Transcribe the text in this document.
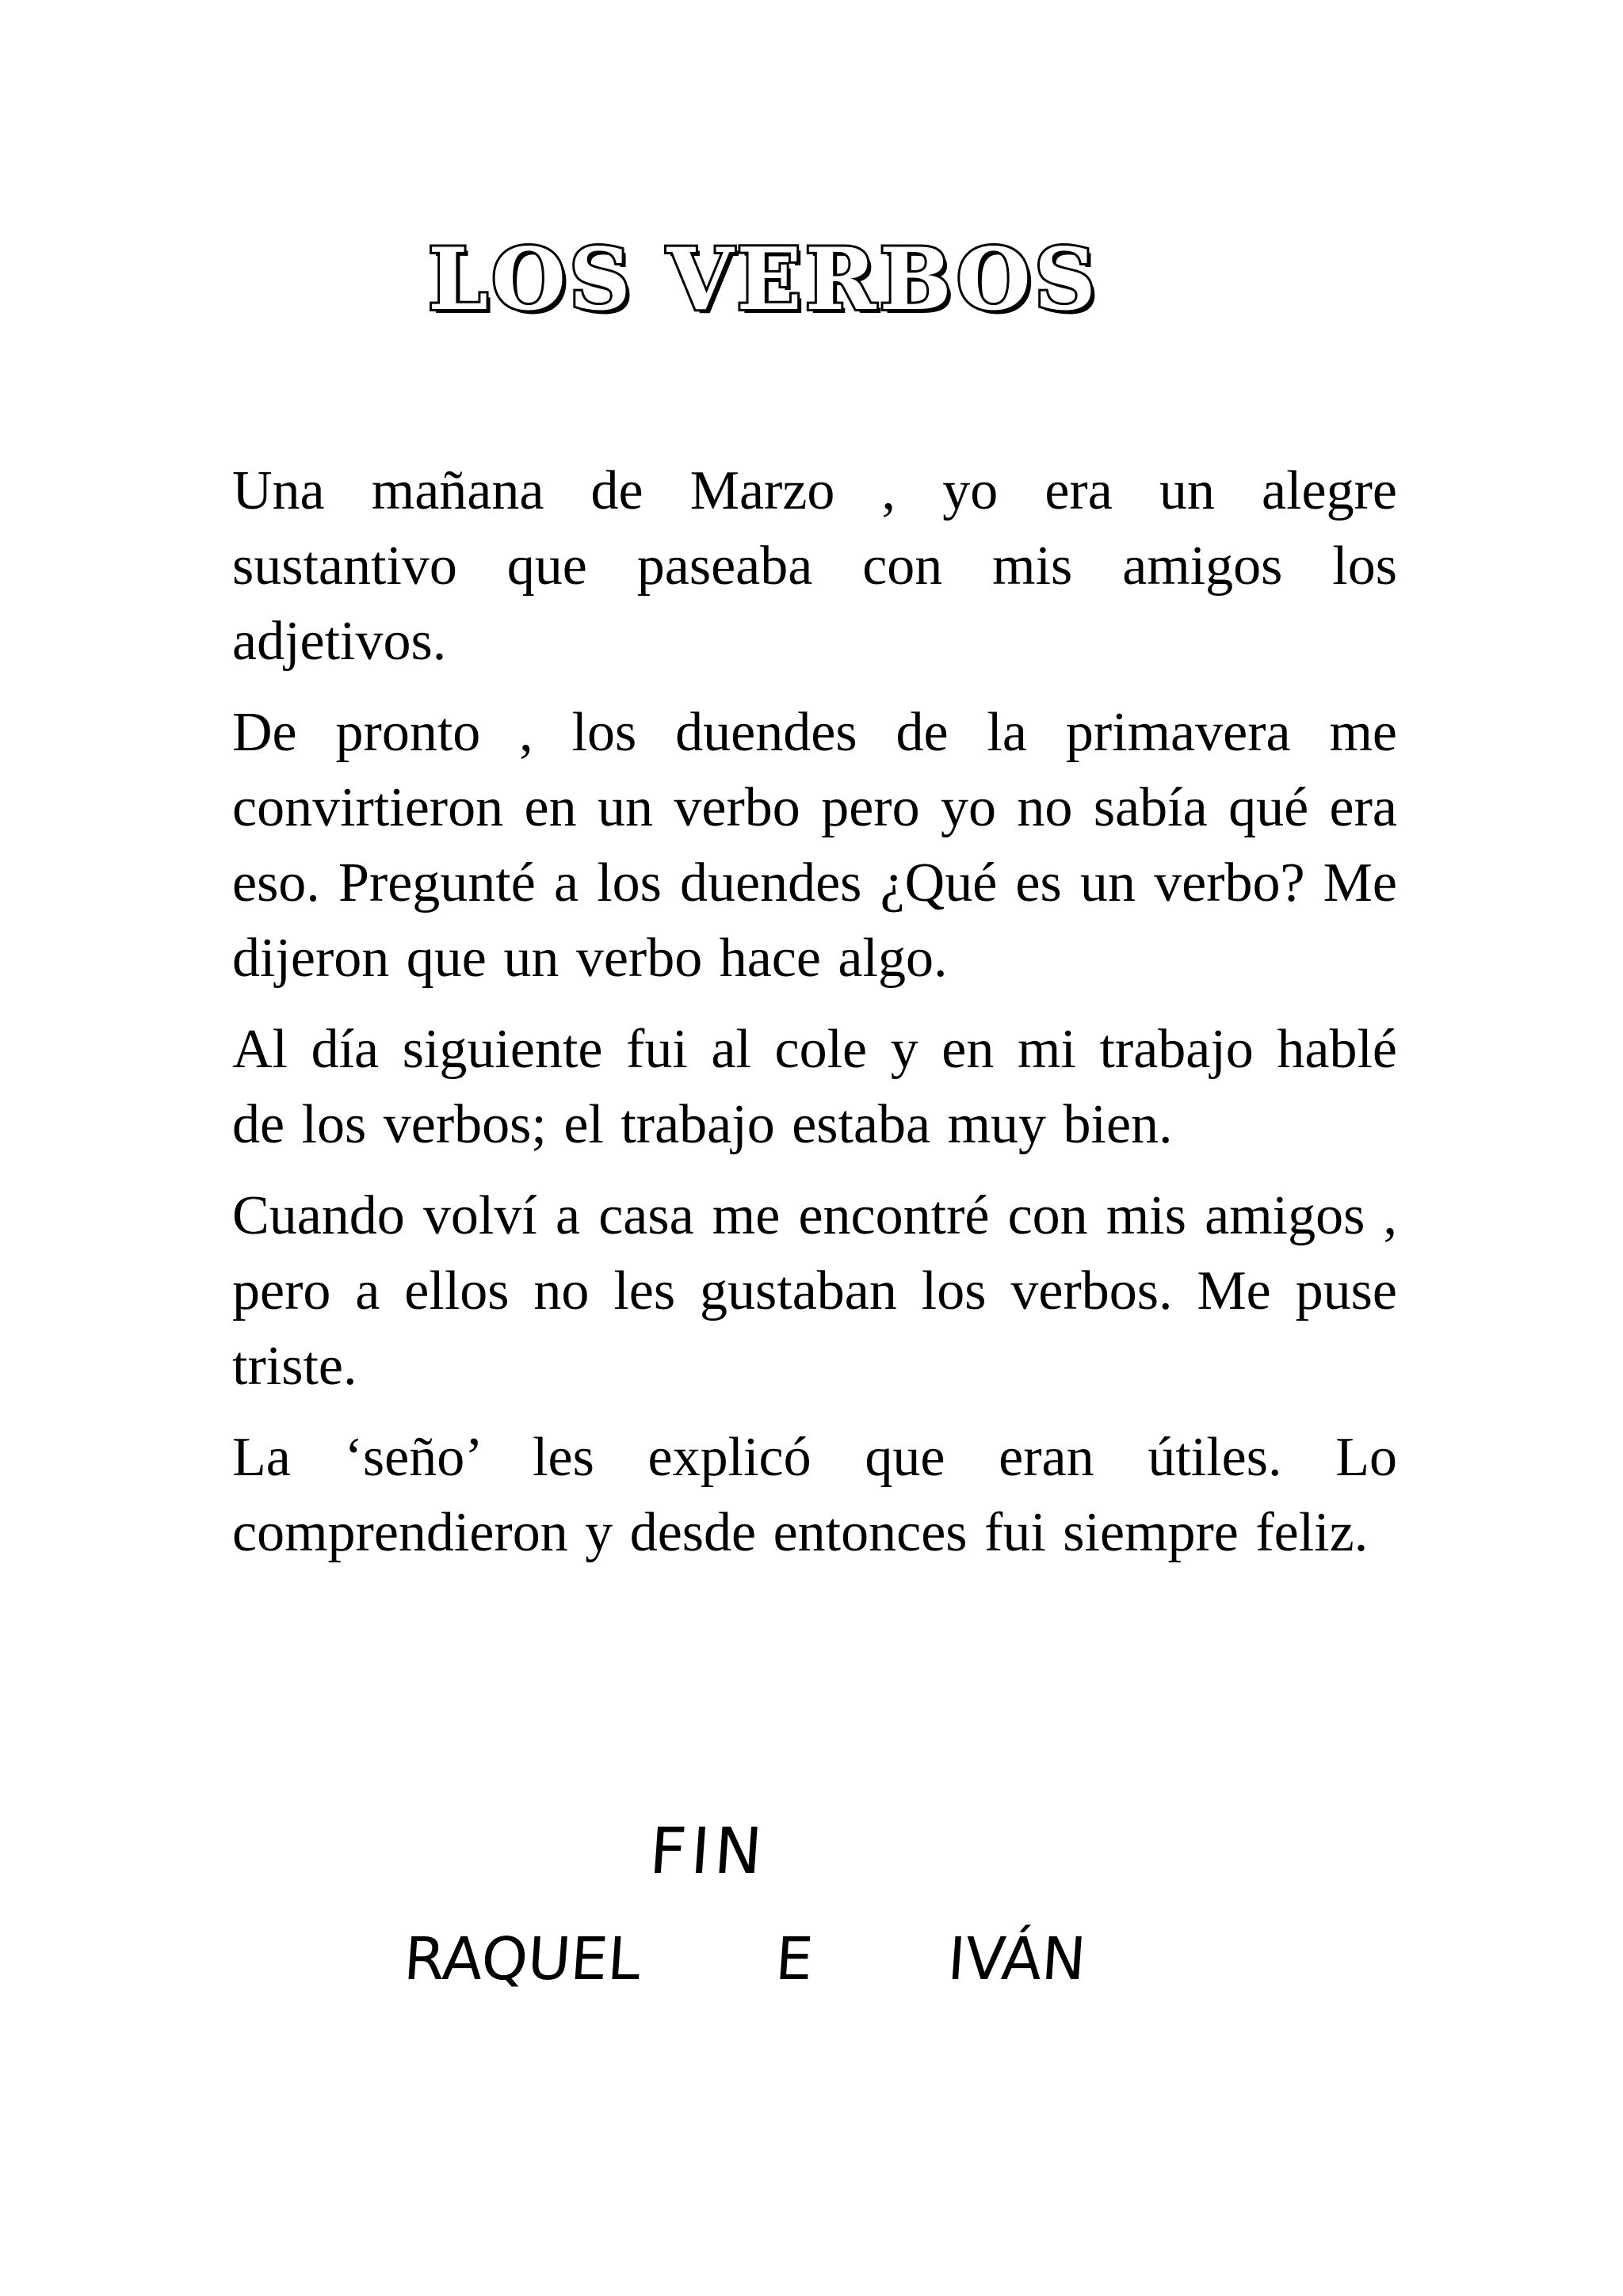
LOS VERBOS

Una mañana de Marzo , yo era un alegre sustantivo que paseaba con mis amigos los adjetivos.

De pronto , los duendes de la primavera me convirtieron en un verbo pero yo no sabía qué era eso. Pregunté a los duendes ¿Qué es un verbo? Me dijeron que un verbo hace algo.

Al día siguiente fui al cole y en mi trabajo hablé de los verbos; el trabajo estaba muy bien.

Cuando volví a casa me encontré con mis amigos , pero a ellos no les gustaban los verbos. Me puse triste.

La ‘seño’ les explicó que eran útiles. Lo comprendieron y desde entonces fui siempre feliz.

FIN
RAQUEL E IVÁN
